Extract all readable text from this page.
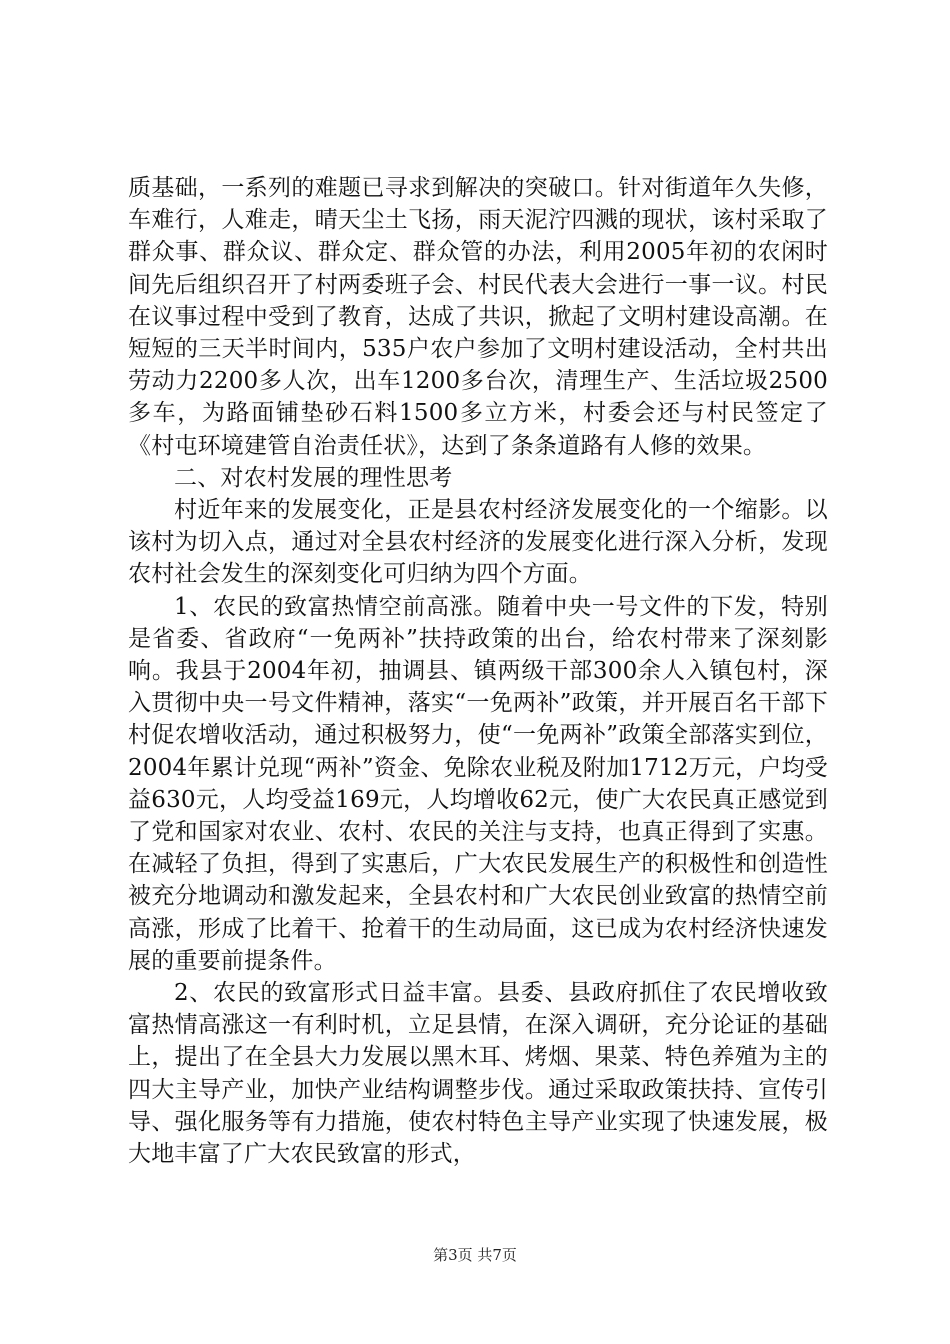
质基础，一系列的难题已寻求到解决的突破口。针对街道年久失修，车难行，人难走，晴天尘土飞扬，雨天泥泞四溅的现状，该村采取了群众事、群众议、群众定、群众管的办法，利用2005年初的农闲时间先后组织召开了村两委班子会、村民代表大会进行一事一议。村民在议事过程中受到了教育，达成了共识，掀起了文明村建设高潮。在短短的三天半时间内，535户农户参加了文明村建设活动，全村共出劳动力2200多人次，出车1200多台次，清理生产、生活垃圾2500多车，为路面铺垫砂石料1500多立方米，村委会还与村民签定了《村屯环境建管自治责任状》，达到了条条道路有人修的效果。

二、对农村发展的理性思考

村近年来的发展变化，正是县农村经济发展变化的一个缩影。以该村为切入点，通过对全县农村经济的发展变化进行深入分析，发现农村社会发生的深刻变化可归纳为四个方面。

1、农民的致富热情空前高涨。随着中央一号文件的下发，特别是省委、省政府“一免两补”扶持政策的出台，给农村带来了深刻影响。我县于2004年初，抽调县、镇两级干部300余人入镇包村，深入贯彻中央一号文件精神，落实“一免两补”政策，并开展百名干部下村促农增收活动，通过积极努力，使“一免两补”政策全部落实到位，2004年累计兑现“两补”资金、免除农业税及附加1712万元，户均受益630元，人均受益169元，人均增收62元，使广大农民真正感觉到了党和国家对农业、农村、农民的关注与支持，也真正得到了实惠。在减轻了负担，得到了实惠后，广大农民发展生产的积极性和创造性被充分地调动和激发起来，全县农村和广大农民创业致富的热情空前高涨，形成了比着干、抢着干的生动局面，这已成为农村经济快速发展的重要前提条件。

2、农民的致富形式日益丰富。县委、县政府抓住了农民增收致富热情高涨这一有利时机，立足县情，在深入调研，充分论证的基础上，提出了在全县大力发展以黑木耳、烤烟、果菜、特色养殖为主的四大主导产业，加快产业结构调整步伐。通过采取政策扶持、宣传引导、强化服务等有力措施，使农村特色主导产业实现了快速发展，极大地丰富了广大农民致富的形式，

第3页 共7页
